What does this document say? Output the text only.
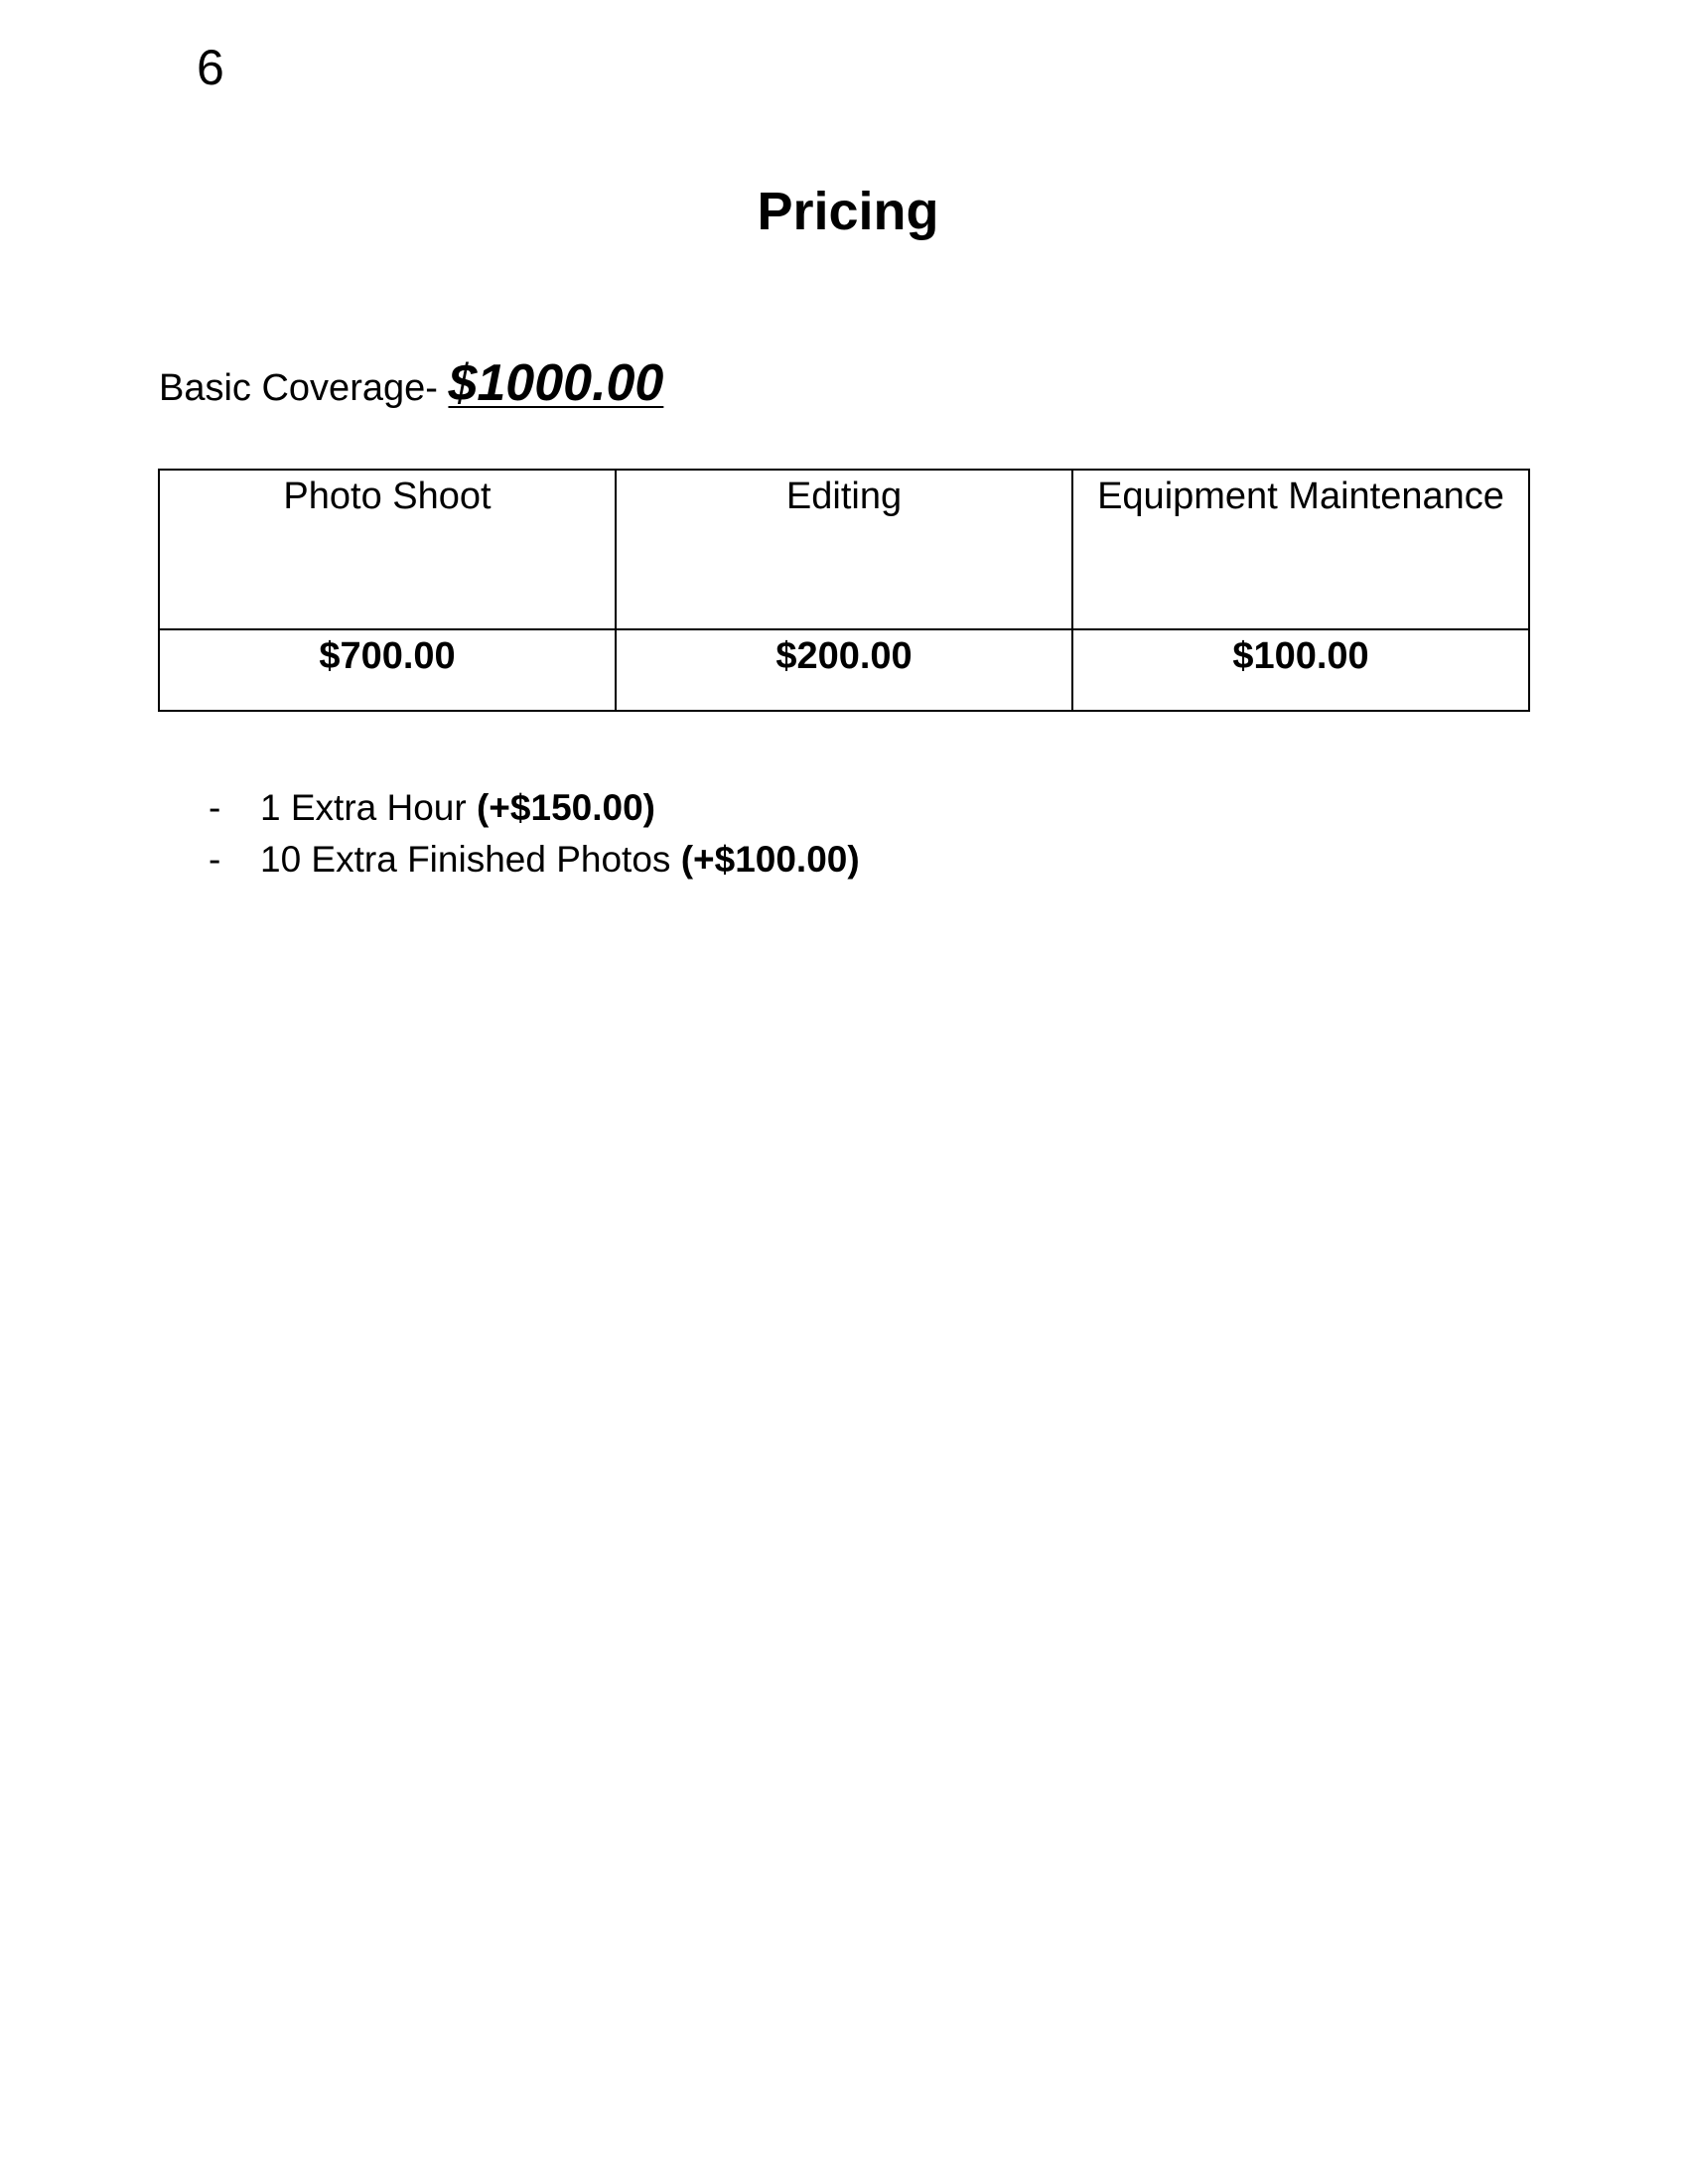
6
Pricing
Basic Coverage- $1000.00
Photo Shoot	Editing	Equipment Maintenance
$700.00	$200.00	$100.00
- 1 Extra Hour (+$150.00)
- 10 Extra Finished Photos (+$100.00)
